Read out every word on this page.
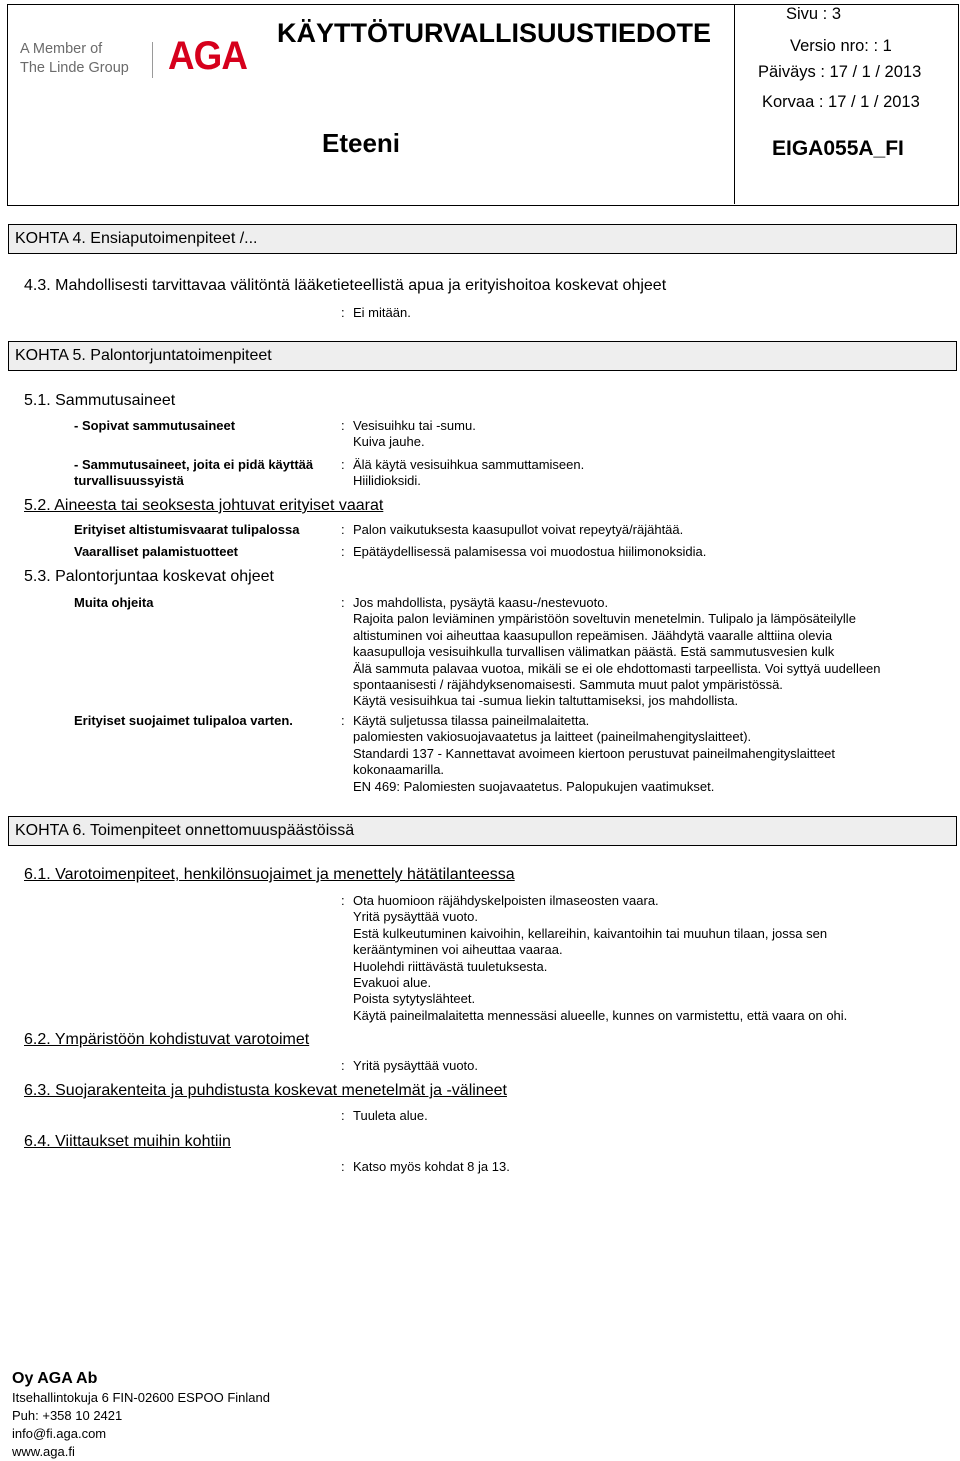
A Member of
The Linde Group AGA
KÄYTTÖTURVALLISUUSTIEDOTE
Eteeni
Sivu : 3
Versio nro: : 1
Päiväys : 17 / 1 / 2013
Korvaa : 17 / 1 / 2013
EIGA055A_FI
KOHTA 4. Ensiaputoimenpiteet /...
4.3. Mahdollisesti tarvittavaa välitöntä lääketieteellistä apua ja erityishoitoa koskevat ohjeet
: Ei mitään.
KOHTA 5. Palontorjuntatoimenpiteet
5.1. Sammutusaineet
- Sopivat sammutusaineet	: Vesisuihku tai -sumu.
Kuiva jauhe.
- Sammutusaineet, joita ei pidä käyttää
turvallisuussyistä
: Älä käytä vesisuihkua sammuttamiseen.
Hiilidioksidi.
5.2. Aineesta tai seoksesta johtuvat erityiset vaarat
Erityiset altistumisvaarat tulipalossa	: Palon vaikutuksesta kaasupullot voivat repeytyä/räjähtää.
Vaaralliset palamistuotteet	: Epätäydellisessä palamisessa voi muodostua hiilimonoksidia.
5.3. Palontorjuntaa koskevat ohjeet
Muita ohjeita	: Jos mahdollista, pysäytä kaasu-/nestevuoto.
Rajoita palon leviäminen ympäristöön soveltuvin menetelmin. Tulipalo ja lämpösäteilylle
altistuminen voi aiheuttaa kaasupullon repeämisen. Jäähdytä vaaralle alttiina olevia
kaasupulloja vesisuihkulla turvallisen välimatkan päästä. Estä sammutusvesien kulk
Älä sammuta palavaa vuotoa, mikäli se ei ole ehdottomasti tarpeellista. Voi syttyä uudelleen
spontaanisesti / räjähdyksenomaisesti. Sammuta muut palot ympäristössä.
Käytä vesisuihkua tai -sumua liekin taltuttamiseksi, jos mahdollista.
Erityiset suojaimet tulipaloa varten.	: Käytä suljetussa tilassa paineilmalaitetta.
palomiesten vakiosuojavaatetus ja laitteet (paineilmahengityslaitteet).
Standardi 137 - Kannettavat avoimeen kiertoon perustuvat paineilmahengityslaitteet
kokonaamarilla.
EN 469: Palomiesten suojavaatetus. Palopukujen vaatimukset.
KOHTA 6. Toimenpiteet onnettomuuspäästöissä
6.1. Varotoimenpiteet, henkilönsuojaimet ja menettely hätätilanteessa
: Ota huomioon räjähdyskelpoisten ilmaseosten vaara.
Yritä pysäyttää vuoto.
Estä kulkeutuminen kaivoihin, kellareihin, kaivantoihin tai muuhun tilaan, jossa sen
kerääntyminen voi aiheuttaa vaaraa.
Huolehdi riittävästä tuuletuksesta.
Evakuoi alue.
Poista sytytyslähteet.
Käytä paineilmalaitetta mennessäsi alueelle, kunnes on varmistettu, että vaara on ohi.
6.2. Ympäristöön kohdistuvat varotoimet
: Yritä pysäyttää vuoto.
6.3. Suojarakenteita ja puhdistusta koskevat menetelmät ja -välineet
: Tuuleta alue.
6.4. Viittaukset muihin kohtiin
: Katso myös kohdat 8 ja 13.
Oy AGA Ab
Itsehallintokuja 6 FIN-02600 ESPOO Finland
Puh: +358 10 2421
info@fi.aga.com
www.aga.fi
